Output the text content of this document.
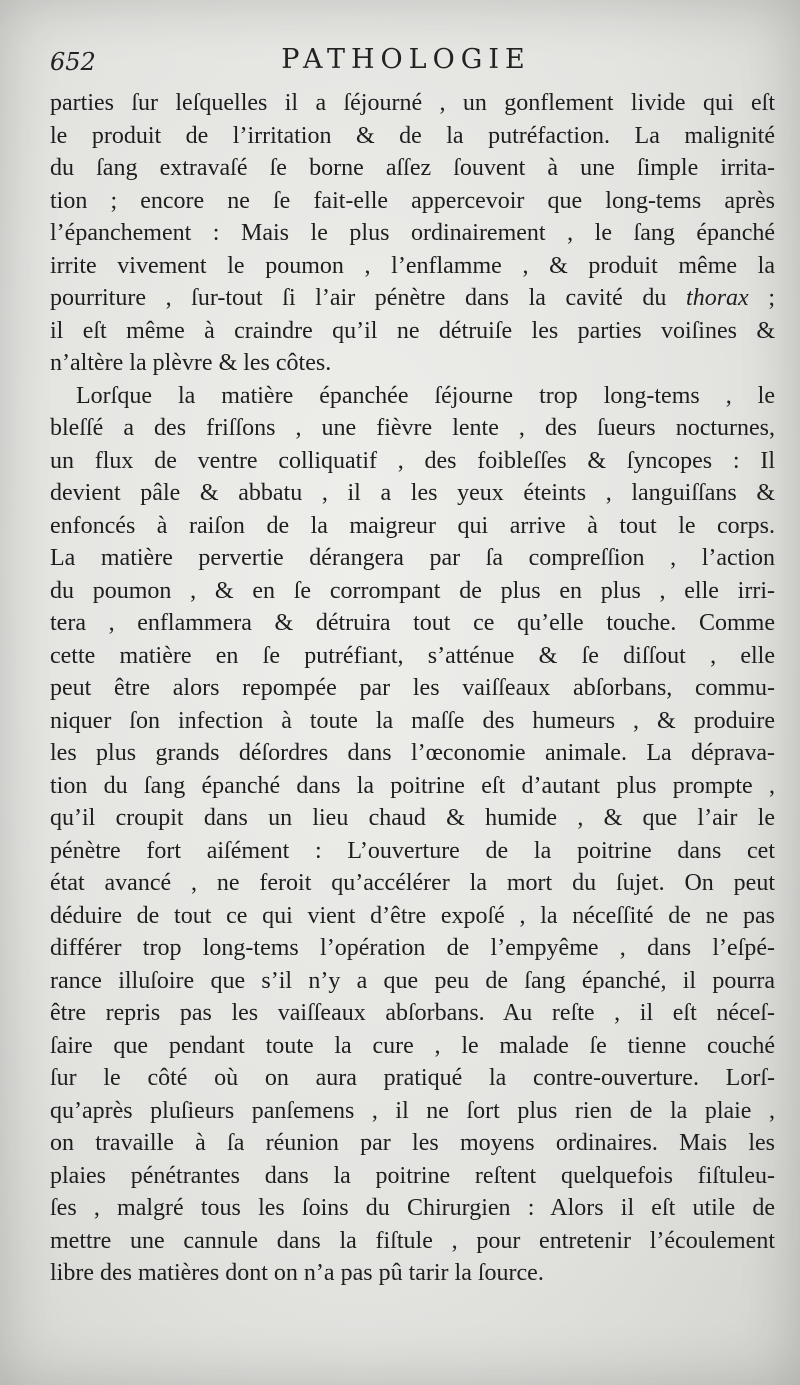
652	PATHOLOGIE
parties ſur leſquelles il a ſéjourné , un gonflement livide qui eſt
le produit de l’irritation & de la putréfaction. La malignité
du ſang extravaſé ſe borne aſſez ſouvent à une ſimple irrita-
tion ; encore ne ſe fait-elle appercevoir que long-tems après
l’épanchement : Mais le plus ordinairement , le ſang épanché
irrite vivement le poumon , l’enflamme , & produit même la
pourriture , ſur-tout ſi l’air pénètre dans la cavité du thorax ;
il eſt même à craindre qu’il ne détruiſe les parties voiſines &
n’altère la plèvre & les côtes.
Lorſque la matière épanchée ſéjourne trop long-tems , le
bleſſé a des friſſons , une fièvre lente , des ſueurs nocturnes,
un flux de ventre colliquatif , des foibleſſes & ſyncopes : Il
devient pâle & abbatu , il a les yeux éteints , languiſſans &
enfoncés à raiſon de la maigreur qui arrive à tout le corps.
La matière pervertie dérangera par ſa compreſſion , l’action
du poumon , & en ſe corrompant de plus en plus , elle irri-
tera , enflammera & détruira tout ce qu’elle touche. Comme
cette matière en ſe putréfiant, s’atténue & ſe diſſout , elle
peut être alors repompée par les vaiſſeaux abſorbans, commu-
niquer ſon infection à toute la maſſe des humeurs , & produire
les plus grands déſordres dans l’œconomie animale. La déprava-
tion du ſang épanché dans la poitrine eſt d’autant plus prompte ,
qu’il croupit dans un lieu chaud & humide , & que l’air le
pénètre fort aiſément : L’ouverture de la poitrine dans cet
état avancé , ne feroit qu’accélérer la mort du ſujet. On peut
déduire de tout ce qui vient d’être expoſé , la néceſſité de ne pas
différer trop long-tems l’opération de l’empyême , dans l’eſpé-
rance illuſoire que s’il n’y a que peu de ſang épanché, il pourra
être repris pas les vaiſſeaux abſorbans. Au reſte , il eſt néceſ-
ſaire que pendant toute la cure , le malade ſe tienne couché
ſur le côté où on aura pratiqué la contre-ouverture. Lorſ-
qu’après pluſieurs panſemens , il ne ſort plus rien de la plaie ,
on travaille à ſa réunion par les moyens ordinaires. Mais les
plaies pénétrantes dans la poitrine reſtent quelquefois fiſtuleu-
ſes , malgré tous les ſoins du Chirurgien : Alors il eſt utile de
mettre une cannule dans la fiſtule , pour entretenir l’écoulement
libre des matières dont on n’a pas pû tarir la ſource.
